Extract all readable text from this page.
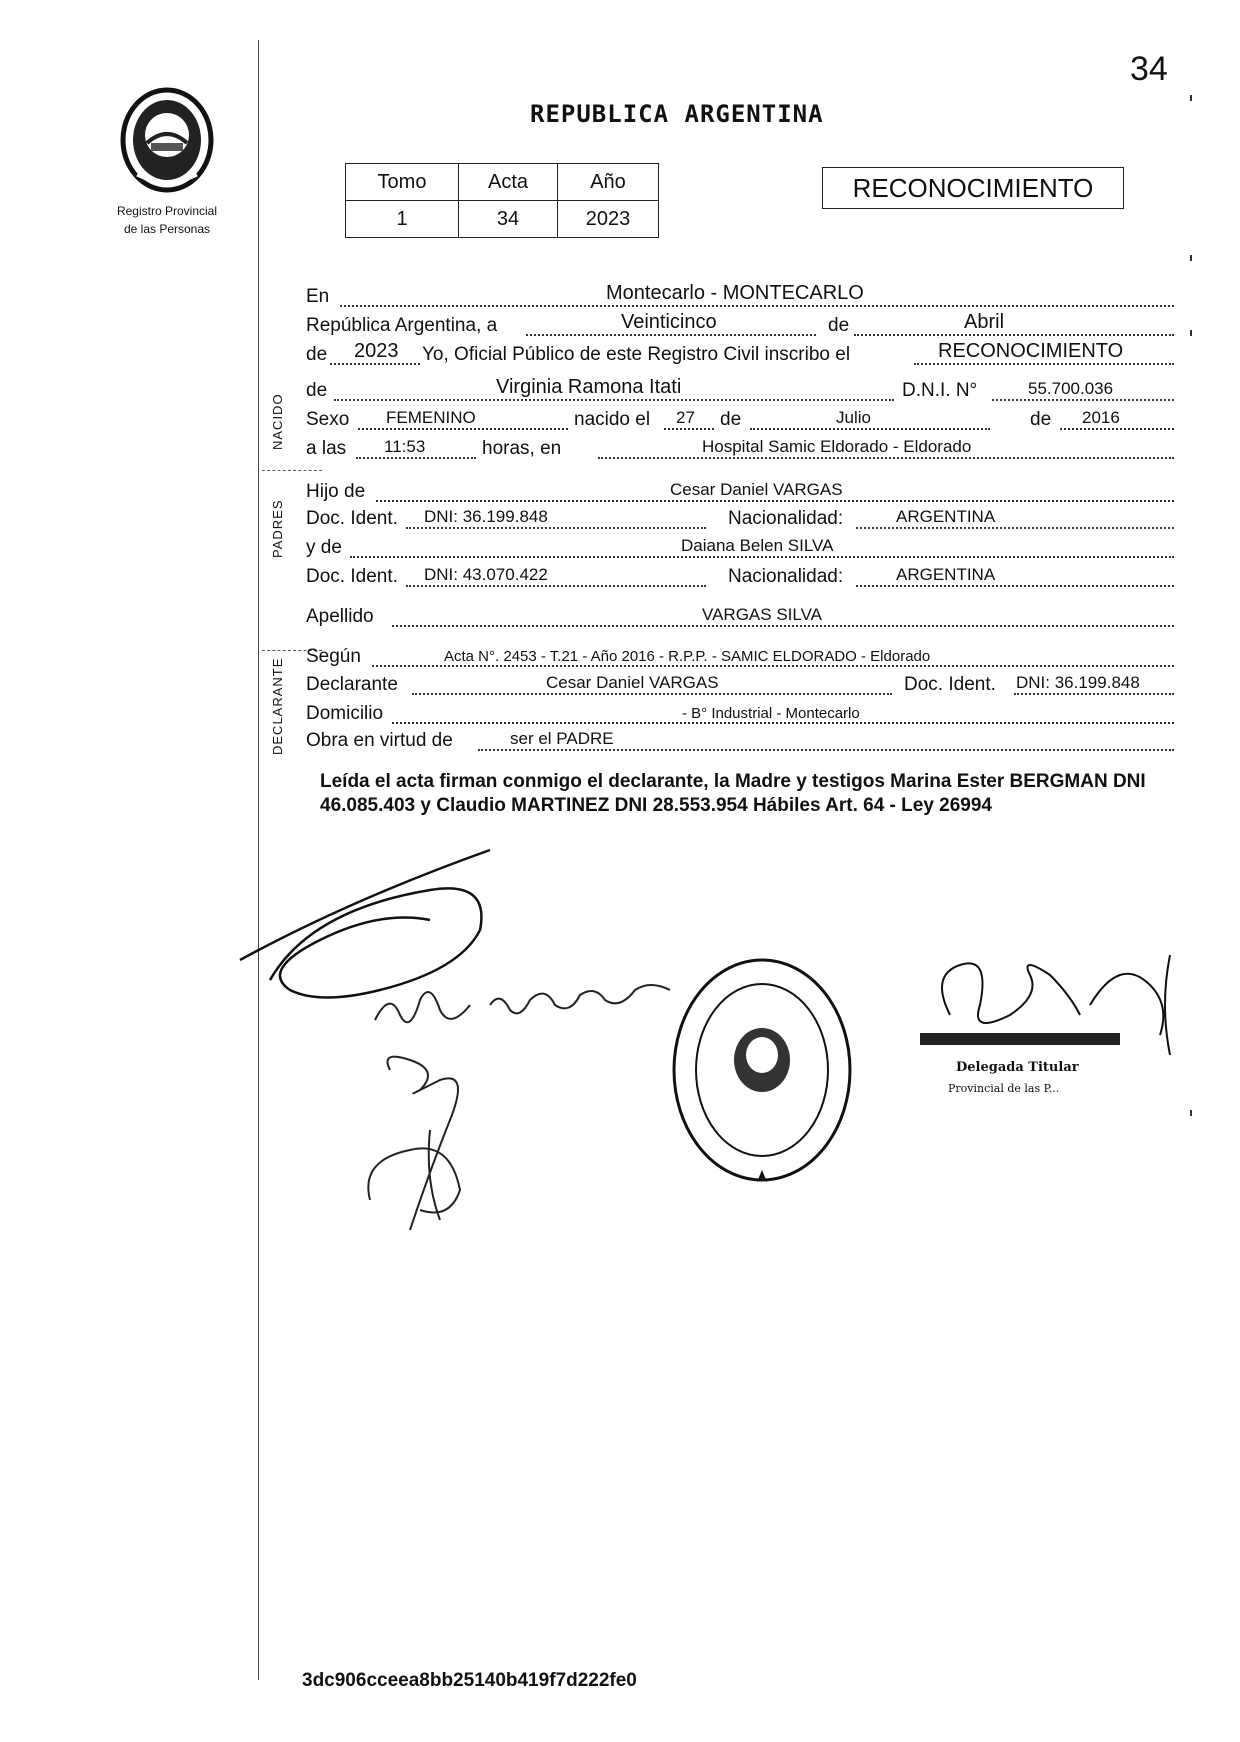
34
Registro Provincial
de las Personas
REPUBLICA ARGENTINA
Tomo	Acta	Año
1	34	2023
RECONOCIMIENTO
NACIDO
PADRES
DECLARANTE
En	Montecarlo - MONTECARLO
República Argentina, a	Veinticinco	de	Abril
de 2023 Yo, Oficial Público de este Registro Civil inscribo el	RECONOCIMIENTO
de	Virginia Ramona Itati	D.N.I. N°	55.700.036
Sexo FEMENINO	nacido el 27 de	Julio	de 2016
a las 11:53	horas, en	Hospital Samic Eldorado - Eldorado
Hijo de	Cesar Daniel VARGAS
Doc. Ident. DNI: 36.199.848	Nacionalidad:	ARGENTINA
y de	Daiana Belen SILVA
Doc. Ident. DNI: 43.070.422	Nacionalidad:	ARGENTINA
Apellido	VARGAS SILVA
Según	Acta N°. 2453 - T.21 - Año 2016 - R.P.P. - SAMIC ELDORADO - Eldorado
Declarante	Cesar Daniel VARGAS	Doc. Ident. DNI: 36.199.848
Domicilio	- B° Industrial - Montecarlo
Obra en virtud de	ser el PADRE
Leída el acta firman conmigo el declarante, la Madre y testigos Marina Ester BERGMAN DNI 46.085.403 y Claudio MARTINEZ DNI 28.553.954 Hábiles Art. 64 - Ley 26994
Delegada Titular
Provincial de las P...
3dc906cceea8bb25140b419f7d222fe0
